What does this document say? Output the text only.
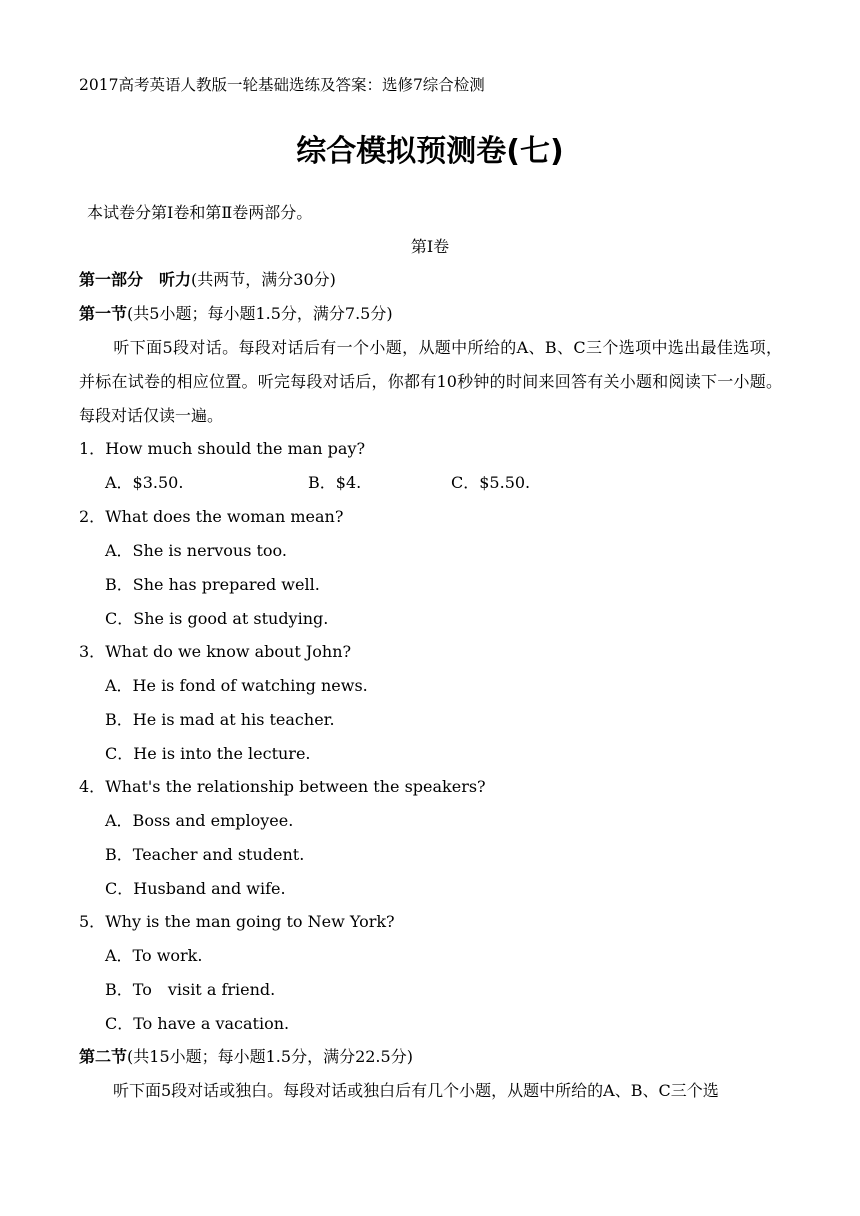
2017高考英语人教版一轮基础选练及答案：选修7综合检测
综合模拟预测卷(七)
本试卷分第Ⅰ卷和第Ⅱ卷两部分。
第Ⅰ卷
第一部分　听力(共两节，满分30分)
第一节(共5小题；每小题1.5分，满分7.5分)
听下面5段对话。每段对话后有一个小题，从题中所给的A、B、C三个选项中选出最佳选项，并标在试卷的相应位置。听完每段对话后，你都有10秒钟的时间来回答有关小题和阅读下一小题。每段对话仅读一遍。
1．How much should the man pay?
A．$3.50.	B．$4.	C．$5.50.
2．What does the woman mean?
A．She is nervous too.
B．She has prepared well.
C．She is good at studying.
3．What do we know about John?
A．He is fond of watching news.
B．He is mad at his teacher.
C．He is into the lecture.
4．What's the relationship between the speakers?
A．Boss and employee.
B．Teacher and student.
C．Husband and wife.
5．Why is the man going to New York?
A．To work.
B．To　visit a friend.
C．To have a vacation.
第二节(共15小题；每小题1.5分，满分22.5分)
听下面5段对话或独白。每段对话或独白后有几个小题，从题中所给的A、B、C三个选
